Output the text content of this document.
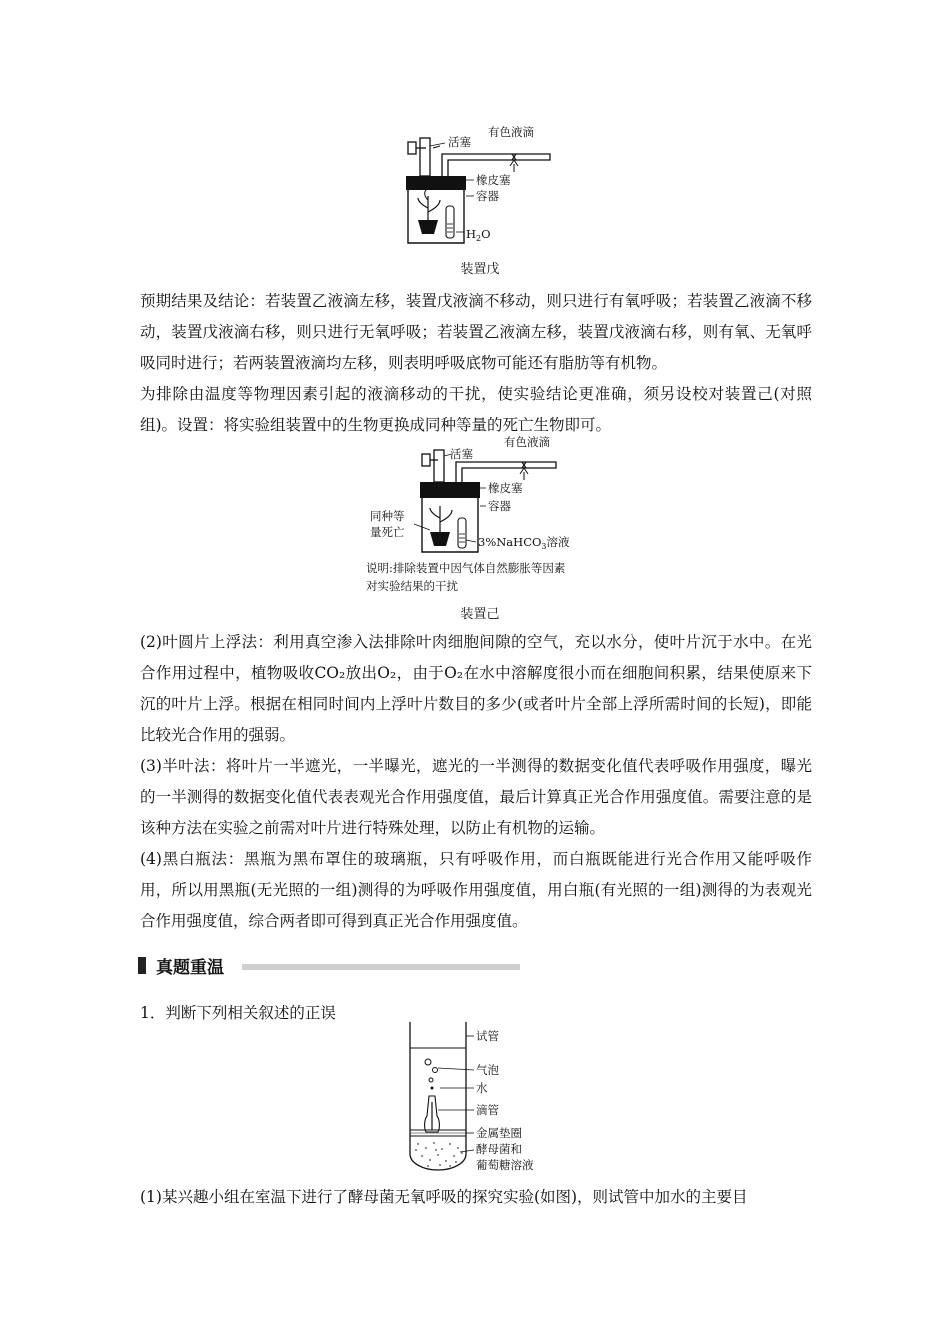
活塞
有色液滴
橡皮塞
容器
$H_2O$
装置戊

预期结果及结论：若装置乙液滴左移，装置戊液滴不移动，则只进行有氧呼吸；若装置乙液滴不移动，装置戊液滴右移，则只进行无氧呼吸；若装置乙液滴左移，装置戊液滴右移，则有氧、无氧呼吸同时进行；若两装置液滴均左移，则表明呼吸底物可能还有脂肪等有机物。

为排除由温度等物理因素引起的液滴移动的干扰，使实验结论更准确，须另设校对装置己(对照组)。设置：将实验组装置中的生物更换成同种等量的死亡生物即可。

活塞
有色液滴
橡皮塞
容器
同种等
量死亡
3%NaHCO$_3$溶液
说明:排除装置中因气体自然膨胀等因素
对实验结果的干扰
装置己

(2)叶圆片上浮法：利用真空渗入法排除叶肉细胞间隙的空气，充以水分，使叶片沉于水中。在光合作用过程中，植物吸收CO₂放出O₂，由于O₂在水中溶解度很小而在细胞间积累，结果使原来下沉的叶片上浮。根据在相同时间内上浮叶片数目的多少(或者叶片全部上浮所需时间的长短)，即能比较光合作用的强弱。

(3)半叶法：将叶片一半遮光，一半曝光，遮光的一半测得的数据变化值代表呼吸作用强度，曝光的一半测得的数据变化值代表表观光合作用强度值，最后计算真正光合作用强度值。需要注意的是该种方法在实验之前需对叶片进行特殊处理，以防止有机物的运输。

(4)黑白瓶法：黑瓶为黑布罩住的玻璃瓶，只有呼吸作用，而白瓶既能进行光合作用又能呼吸作用，所以用黑瓶(无光照的一组)测得的为呼吸作用强度值，用白瓶(有光照的一组)测得的为表观光合作用强度值，综合两者即可得到真正光合作用强度值。

真题重温
1．判断下列相关叙述的正误
试管
气泡
水
滴管
金属垫圈
酵母菌和
葡萄糖溶液

(1)某兴趣小组在室温下进行了酵母菌无氧呼吸的探究实验(如图)，则试管中加水的主要目
